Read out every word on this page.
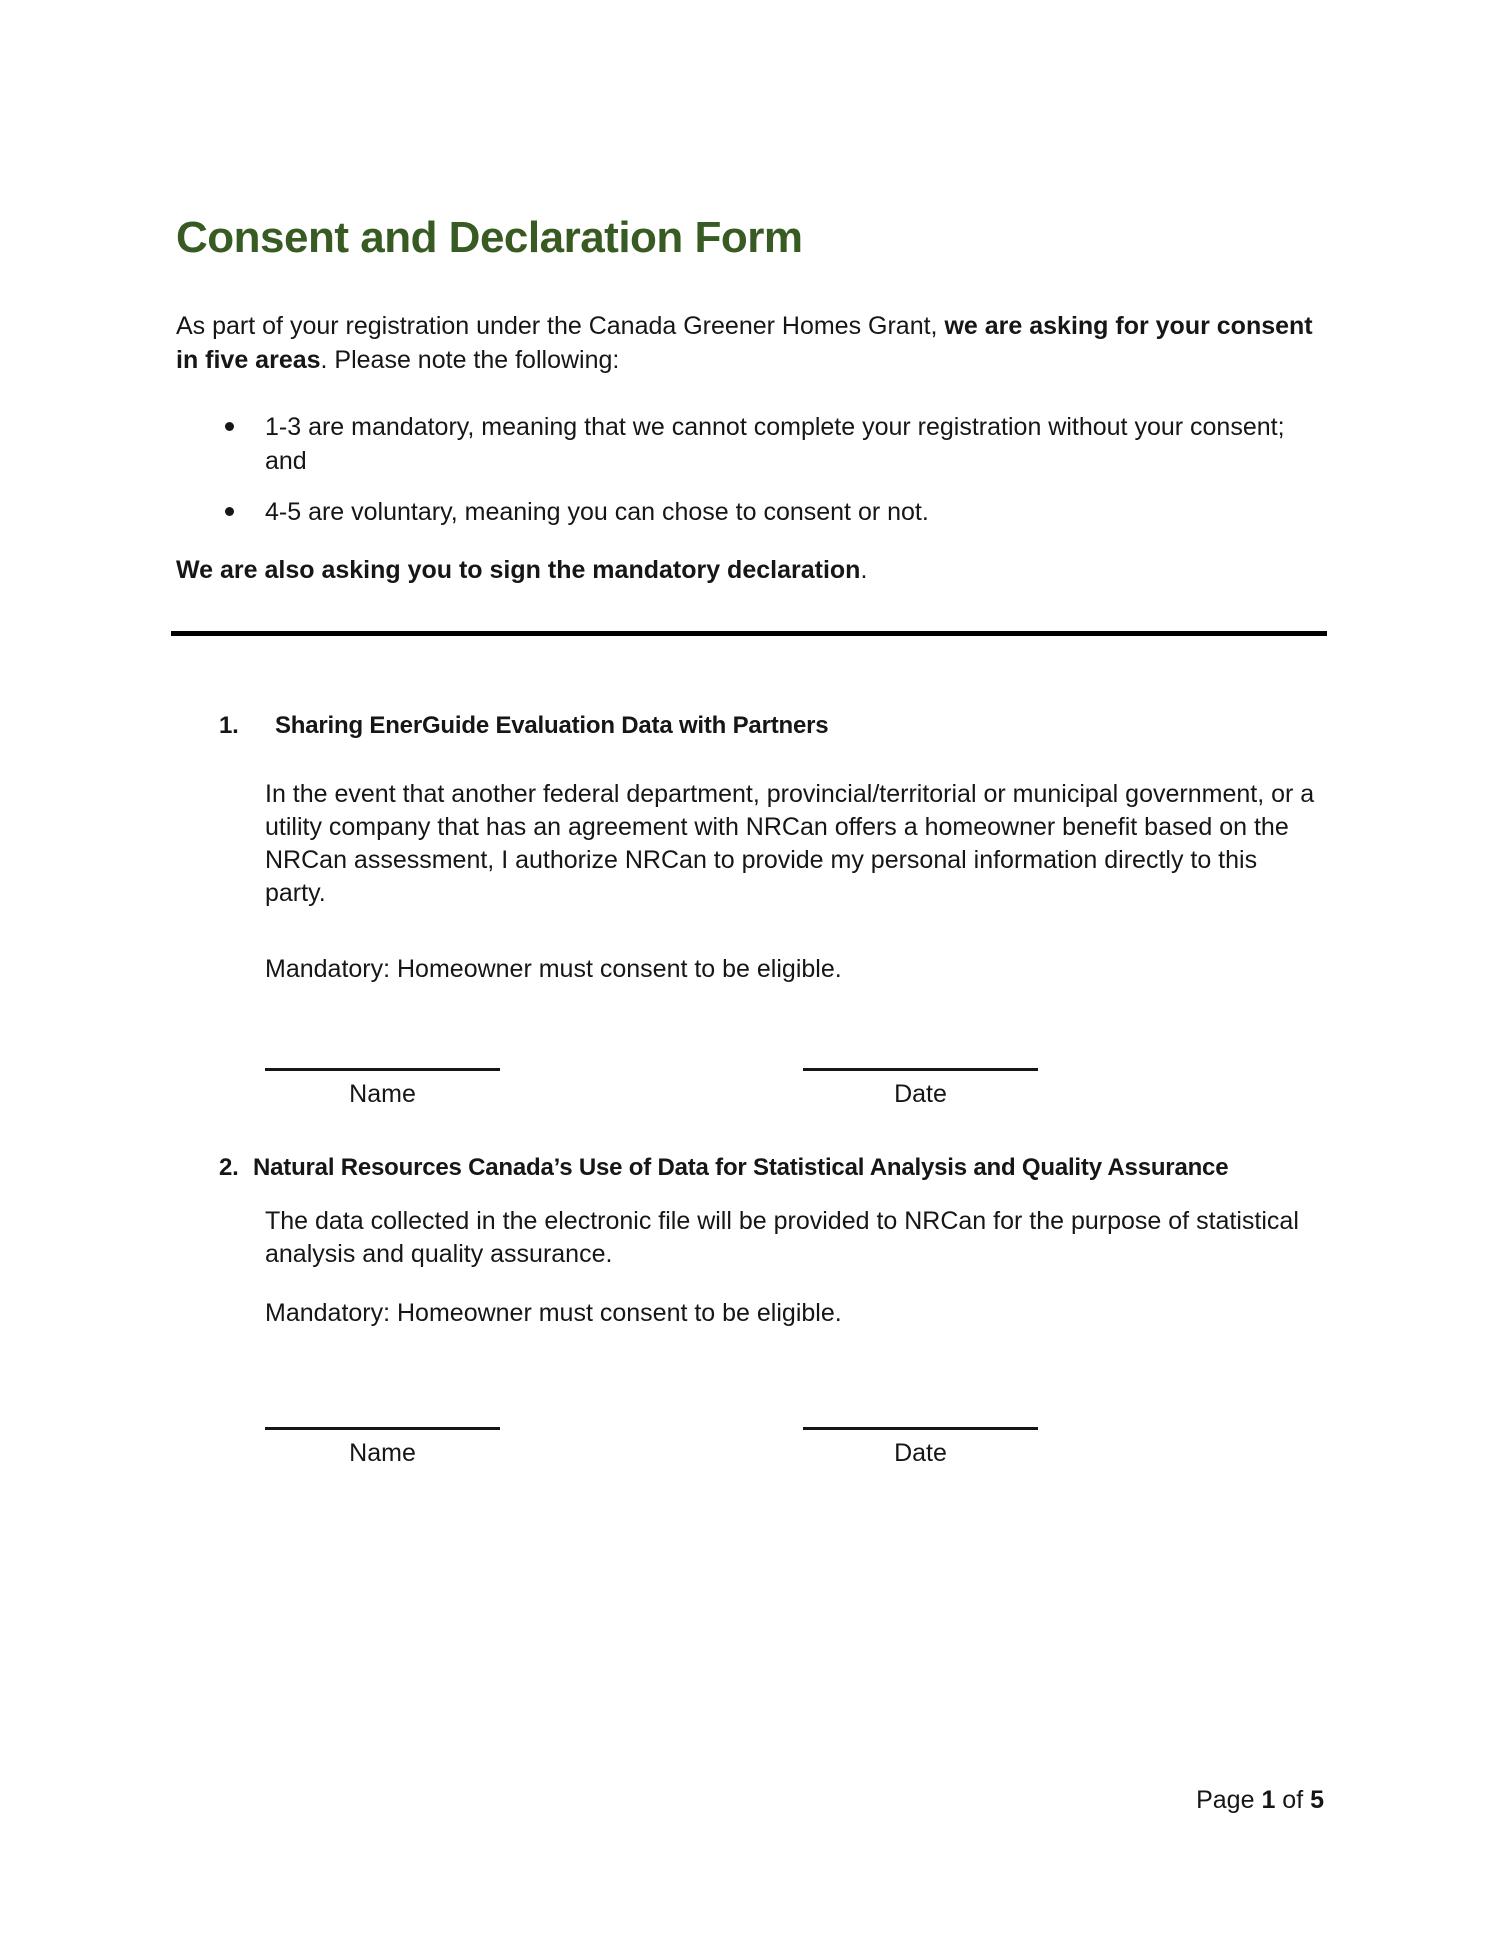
Consent and Declaration Form

As part of your registration under the Canada Greener Homes Grant, we are asking for your consent in five areas. Please note the following:

1-3 are mandatory, meaning that we cannot complete your registration without your consent; and
4-5 are voluntary, meaning you can chose to consent or not.

We are also asking you to sign the mandatory declaration.

1.	Sharing EnerGuide Evaluation Data with Partners

In the event that another federal department, provincial/territorial or municipal government, or a utility company that has an agreement with NRCan offers a homeowner benefit based on the NRCan assessment, I authorize NRCan to provide my personal information directly to this party.

Mandatory: Homeowner must consent to be eligible.

Name	Date
2. Natural Resources Canada’s Use of Data for Statistical Analysis and Quality Assurance

The data collected in the electronic file will be provided to NRCan for the purpose of statistical analysis and quality assurance.

Mandatory: Homeowner must consent to be eligible.

Name	Date
Page 1 of 5
